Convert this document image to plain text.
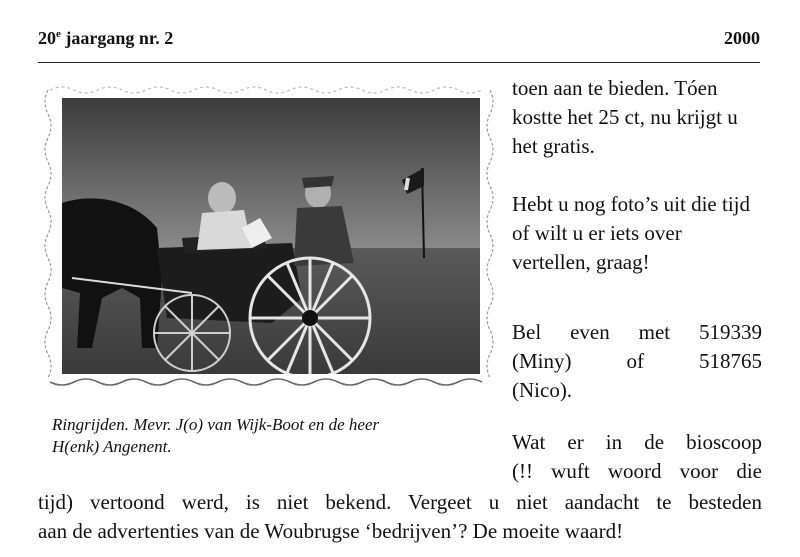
20e jaargang nr. 2	2000
Ringrijden. Mevr. J(o) van Wijk-Boot en de heer
H(enk) Angenent.
toen aan te bieden. Tóen kostte het 25 ct, nu krijgt u het gratis.
Hebt u nog foto’s uit die tijd of wilt u er iets over vertellen, graag!
Bel even met 519339
(Miny)	of	518765
(Nico).
Wat er in de bioscoop
(!! wuft woord voor die
tijd) vertoond werd, is niet bekend. Vergeet u niet aandacht te besteden
aan de advertenties van de Woubrugse ‘bedrijven’? De moeite waard!
